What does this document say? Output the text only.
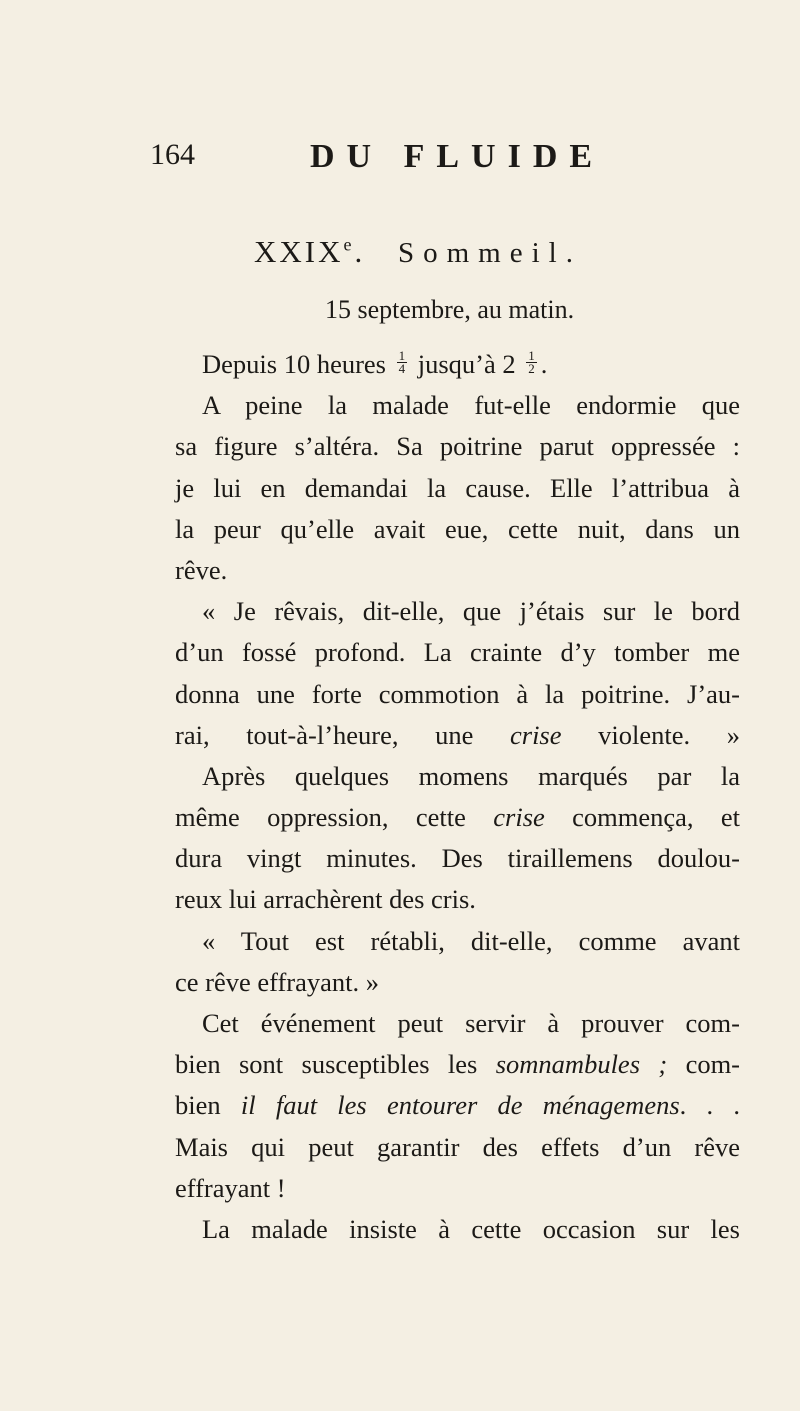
164	DU FLUIDE
XXIXe. Sommeil.
15 septembre, au matin.
Depuis 10 heures $\frac{1}{4}$ jusqu’à $2 \frac{1}{2}$ .
A peine la malade fut-elle endormie que
sa figure s’altéra. Sa poitrine parut oppressée :
je lui en demandai la cause. Elle l’attribua à
la peur qu’elle avait eue, cette nuit, dans un
rêve.
« Je rêvais, dit-elle, que j’étais sur le bord
d’un fossé profond. La crainte d’y tomber me
donna une forte commotion à la poitrine. J’au-
rai, tout-à-l’heure, une crise violente. »
Après quelques momens marqués par la
même oppression, cette crise commença, et
dura vingt minutes. Des tiraillemens doulou-
reux lui arrachèrent des cris.
« Tout est rétabli, dit-elle, comme avant
ce rêve effrayant. »
Cet événement peut servir à prouver com-
bien sont susceptibles les somnambules ; com-
bien il faut les entourer de ménagemens. . .
Mais qui peut garantir des effets d’un rêve
effrayant !
La malade insiste à cette occasion sur les
